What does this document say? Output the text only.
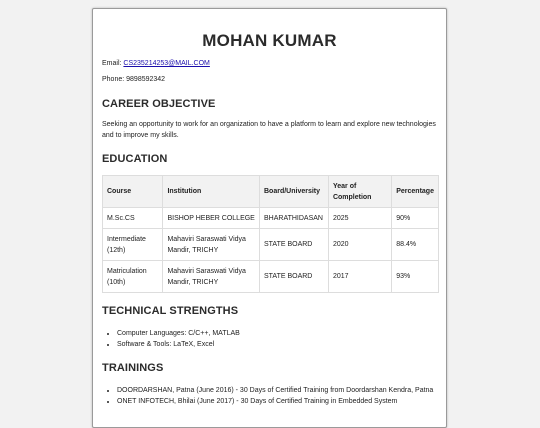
MOHAN KUMAR

Email: CS235214253@MAIL.COM

Phone: 9898592342

CAREER OBJECTIVE
Seeking an opportunity to work for an organization to have a platform to learn and explore new technologies and to improve my skills.
EDUCATION
Course	Institution	Board/University	Year of Completion	Percentage
M.Sc.CS	BISHOP HEBER COLLEGE	BHARATHIDASAN	2025	90%
Intermediate (12th)	Mahaviri Saraswati Vidya Mandir, TRICHY	STATE BOARD	2020	88.4%
Matriculation (10th)	Mahaviri Saraswati Vidya Mandir, TRICHY	STATE BOARD	2017	93%
TECHNICAL STRENGTHS
• Computer Languages: C/C++, MATLAB
• Software & Tools: LaTeX, Excel
TRAININGS
• DOORDARSHAN, Patna (June 2016) - 30 Days of Certified Training from Doordarshan Kendra, Patna
• ONET INFOTECH, Bhilai (June 2017) - 30 Days of Certified Training in Embedded System
